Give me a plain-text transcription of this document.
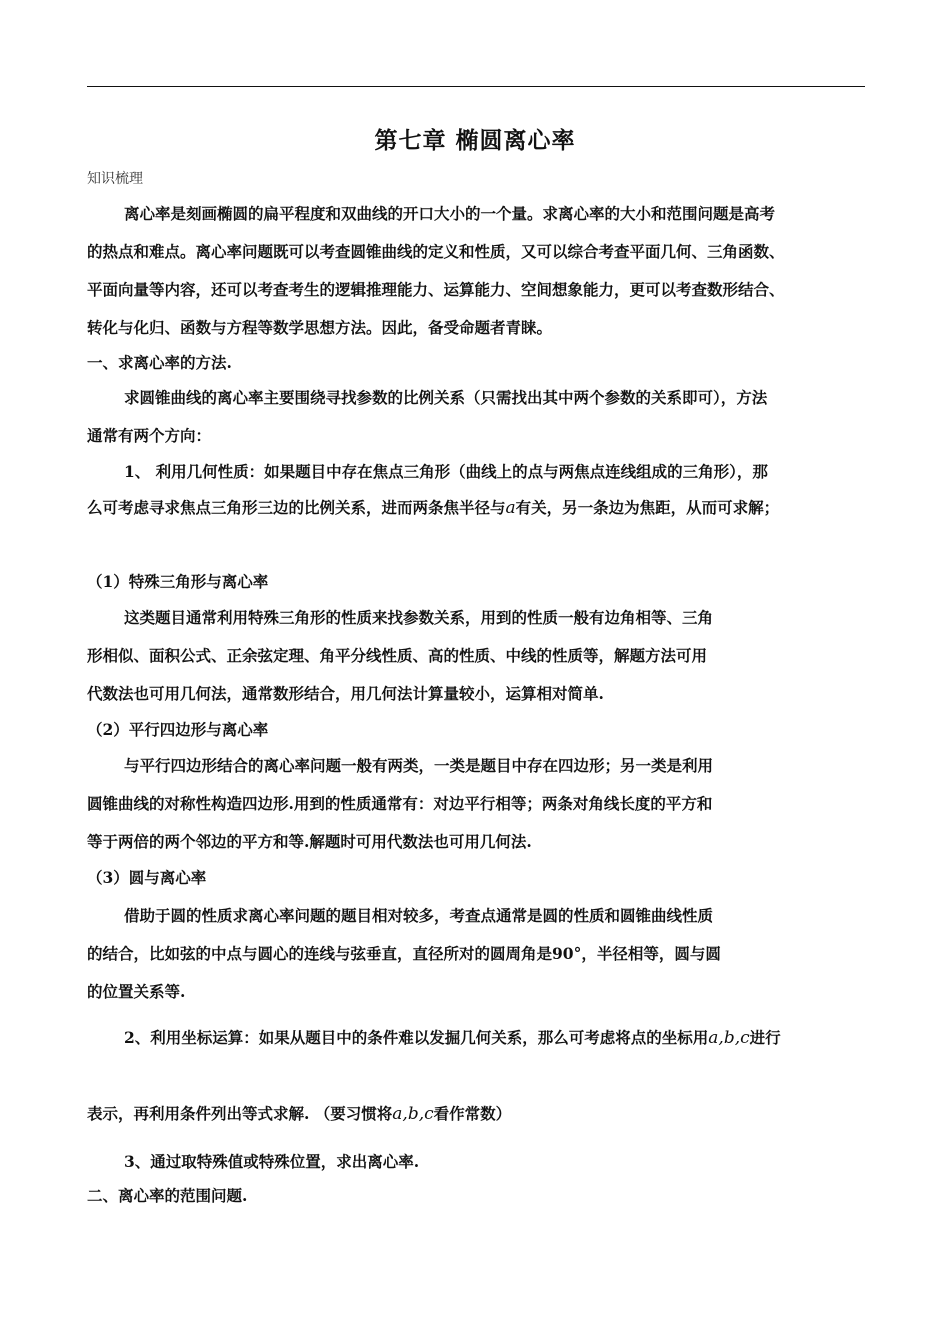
第七章 椭圆离心率
知识梳理
离心率是刻画椭圆的扁平程度和双曲线的开口大小的一个量。求离心率的大小和范围问题是高考
的热点和难点。离心率问题既可以考查圆锥曲线的定义和性质，又可以综合考查平面几何、三角函数、
平面向量等内容，还可以考查考生的逻辑推理能力、运算能力、空间想象能力，更可以考查数形结合、
转化与化归、函数与方程等数学思想方法。因此，备受命题者青睐。
一、求离心率的方法.
求圆锥曲线的离心率主要围绕寻找参数的比例关系（只需找出其中两个参数的关系即可），方法
通常有两个方向：
1、 利用几何性质：如果题目中存在焦点三角形（曲线上的点与两焦点连线组成的三角形），那
么可考虑寻求焦点三角形三边的比例关系，进而两条焦半径与a有关，另一条边为焦距，从而可求解；
（1）特殊三角形与离心率
这类题目通常利用特殊三角形的性质来找参数关系，用到的性质一般有边角相等、三角
形相似、面积公式、正余弦定理、角平分线性质、高的性质、中线的性质等，解题方法可用
代数法也可用几何法，通常数形结合，用几何法计算量较小，运算相对简单.
（2）平行四边形与离心率
与平行四边形结合的离心率问题一般有两类，一类是题目中存在四边形；另一类是利用
圆锥曲线的对称性构造四边形.用到的性质通常有：对边平行相等；两条对角线长度的平方和
等于两倍的两个邻边的平方和等.解题时可用代数法也可用几何法.
（3）圆与离心率
借助于圆的性质求离心率问题的题目相对较多，考查点通常是圆的性质和圆锥曲线性质
的结合，比如弦的中点与圆心的连线与弦垂直，直径所对的圆周角是90°，半径相等，圆与圆
的位置关系等.
2、利用坐标运算：如果从题目中的条件难以发掘几何关系，那么可考虑将点的坐标用a,b,c进行
表示，再利用条件列出等式求解. （要习惯将a,b,c看作常数）
3、通过取特殊值或特殊位置，求出离心率.
二、离心率的范围问题.
